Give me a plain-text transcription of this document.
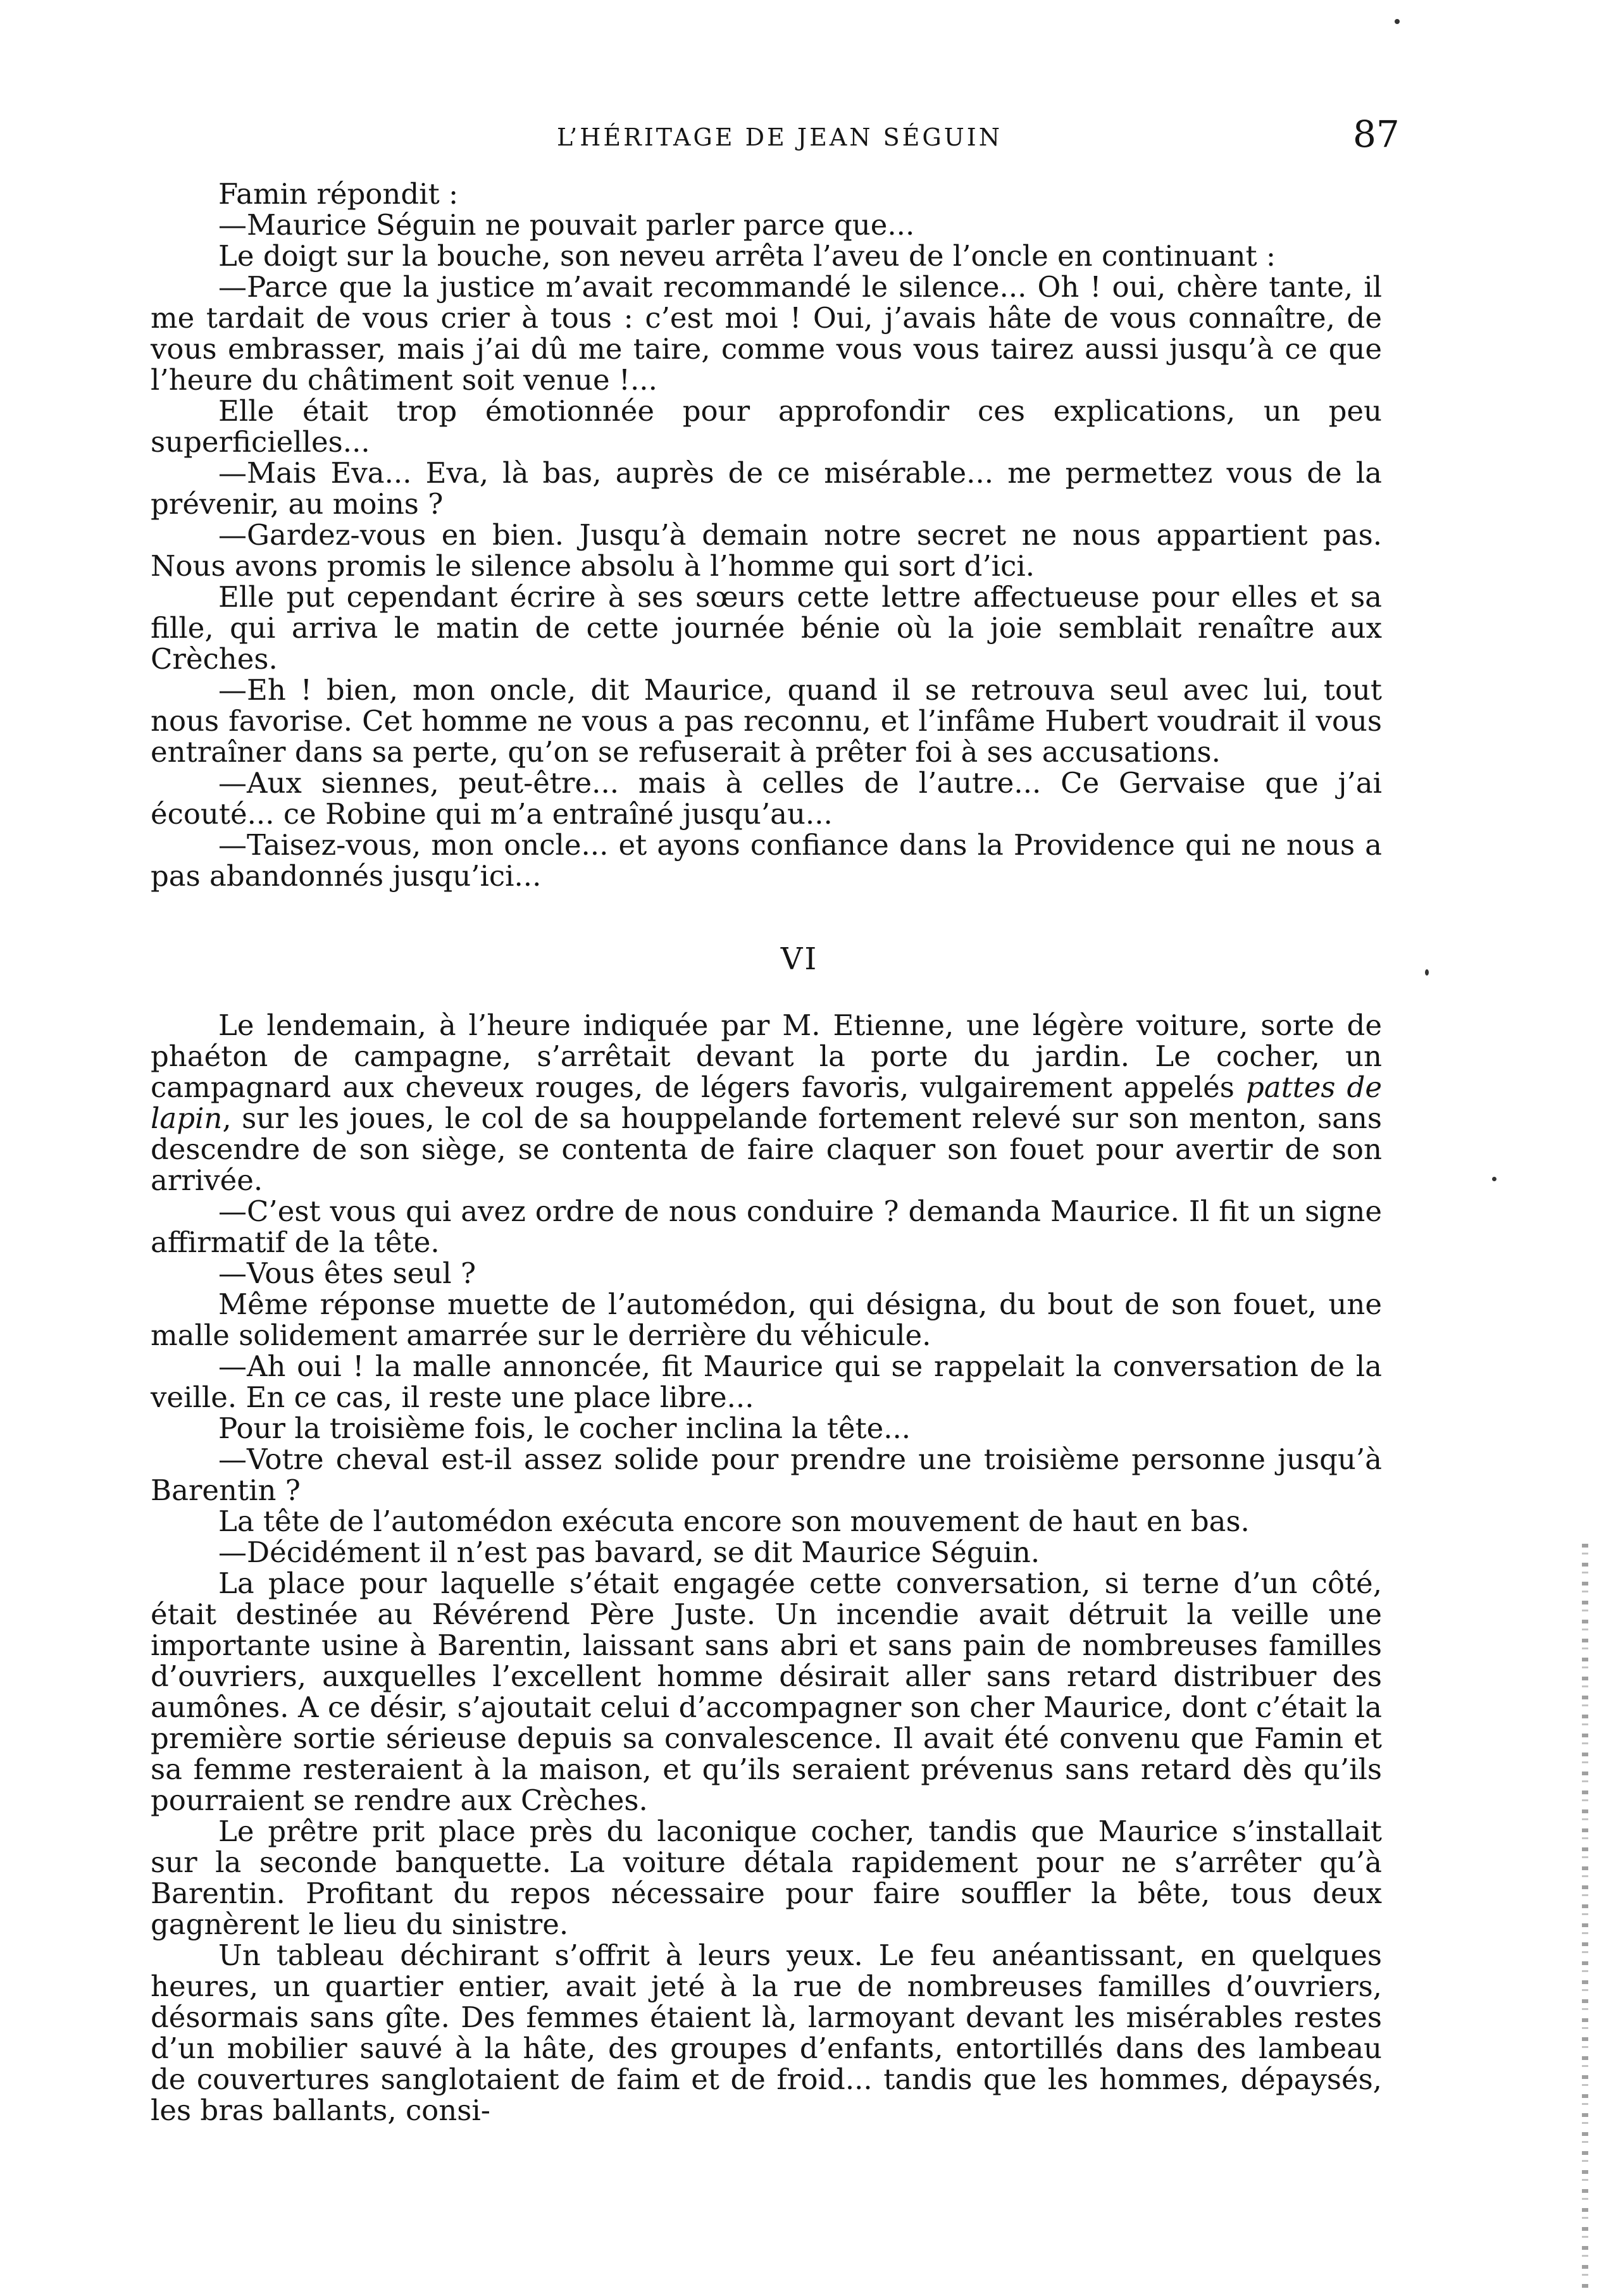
L’HÉRITAGE DE JEAN SÉGUIN	87

Famin répondit :

—Maurice Séguin ne pouvait parler parce que...

Le doigt sur la bouche, son neveu arrêta l’aveu de l’oncle en continuant :

—Parce que la justice m’avait recommandé le silence... Oh ! oui, chère tante, il me tardait de vous crier à tous : c’est moi ! Oui, j’avais hâte de vous connaître, de vous embrasser, mais j’ai dû me taire, comme vous vous tairez aussi jusqu’à ce que l’heure du châtiment soit venue !...

Elle était trop émotionnée pour approfondir ces explications, un peu superficielles...

—Mais Eva... Eva, là bas, auprès de ce misérable... me permettez vous de la prévenir, au moins ?

—Gardez-vous en bien. Jusqu’à demain notre secret ne nous appartient pas. Nous avons promis le silence absolu à l’homme qui sort d’ici.

Elle put cependant écrire à ses sœurs cette lettre affectueuse pour elles et sa fille, qui arriva le matin de cette journée bénie où la joie semblait renaître aux Crèches.

—Eh ! bien, mon oncle, dit Maurice, quand il se retrouva seul avec lui, tout nous favorise. Cet homme ne vous a pas reconnu, et l’infâme Hubert voudrait il vous entraîner dans sa perte, qu’on se refuserait à prêter foi à ses accusations.

—Aux siennes, peut-être... mais à celles de l’autre... Ce Gervaise que j’ai écouté... ce Robine qui m’a entraîné jusqu’au...

—Taisez-vous, mon oncle... et ayons confiance dans la Providence qui ne nous a pas abandonnés jusqu’ici...

VI

Le lendemain, à l’heure indiquée par M. Etienne, une légère voiture, sorte de phaéton de campagne, s’arrêtait devant la porte du jardin. Le cocher, un campagnard aux cheveux rouges, de légers favoris, vulgairement appelés pattes de lapin, sur les joues, le col de sa houppelande fortement relevé sur son menton, sans descendre de son siège, se contenta de faire claquer son fouet pour avertir de son arrivée.

—C’est vous qui avez ordre de nous conduire ? demanda Maurice. Il fit un signe affirmatif de la tête.

—Vous êtes seul ?

Même réponse muette de l’automédon, qui désigna, du bout de son fouet, une malle solidement amarrée sur le derrière du véhicule.

—Ah oui ! la malle annoncée, fit Maurice qui se rappelait la conversation de la veille. En ce cas, il reste une place libre...

Pour la troisième fois, le cocher inclina la tête...

—Votre cheval est-il assez solide pour prendre une troisième personne jusqu’à Barentin ?

La tête de l’automédon exécuta encore son mouvement de haut en bas.

—Décidément il n’est pas bavard, se dit Maurice Séguin.

La place pour laquelle s’était engagée cette conversation, si terne d’un côté, était destinée au Révérend Père Juste. Un incendie avait détruit la veille une importante usine à Barentin, laissant sans abri et sans pain de nombreuses familles d’ouvriers, auxquelles l’excellent homme désirait aller sans retard distribuer des aumônes. A ce désir, s’ajoutait celui d’accompagner son cher Maurice, dont c’était la première sortie sérieuse depuis sa convalescence. Il avait été convenu que Famin et sa femme resteraient à la maison, et qu’ils seraient prévenus sans retard dès qu’ils pourraient se rendre aux Crèches.

Le prêtre prit place près du laconique cocher, tandis que Maurice s’installait sur la seconde banquette. La voiture détala rapidement pour ne s’arrêter qu’à Barentin. Profitant du repos nécessaire pour faire souffler la bête, tous deux gagnèrent le lieu du sinistre.

Un tableau déchirant s’offrit à leurs yeux. Le feu anéantissant, en quelques heures, un quartier entier, avait jeté à la rue de nombreuses familles d’ouvriers, désormais sans gîte. Des femmes étaient là, larmoyant devant les misérables restes d’un mobilier sauvé à la hâte, des groupes d’enfants, entortillés dans des lambeau de couvertures sanglotaient de faim et de froid... tandis que les hommes, dépaysés, les bras ballants, consi-
